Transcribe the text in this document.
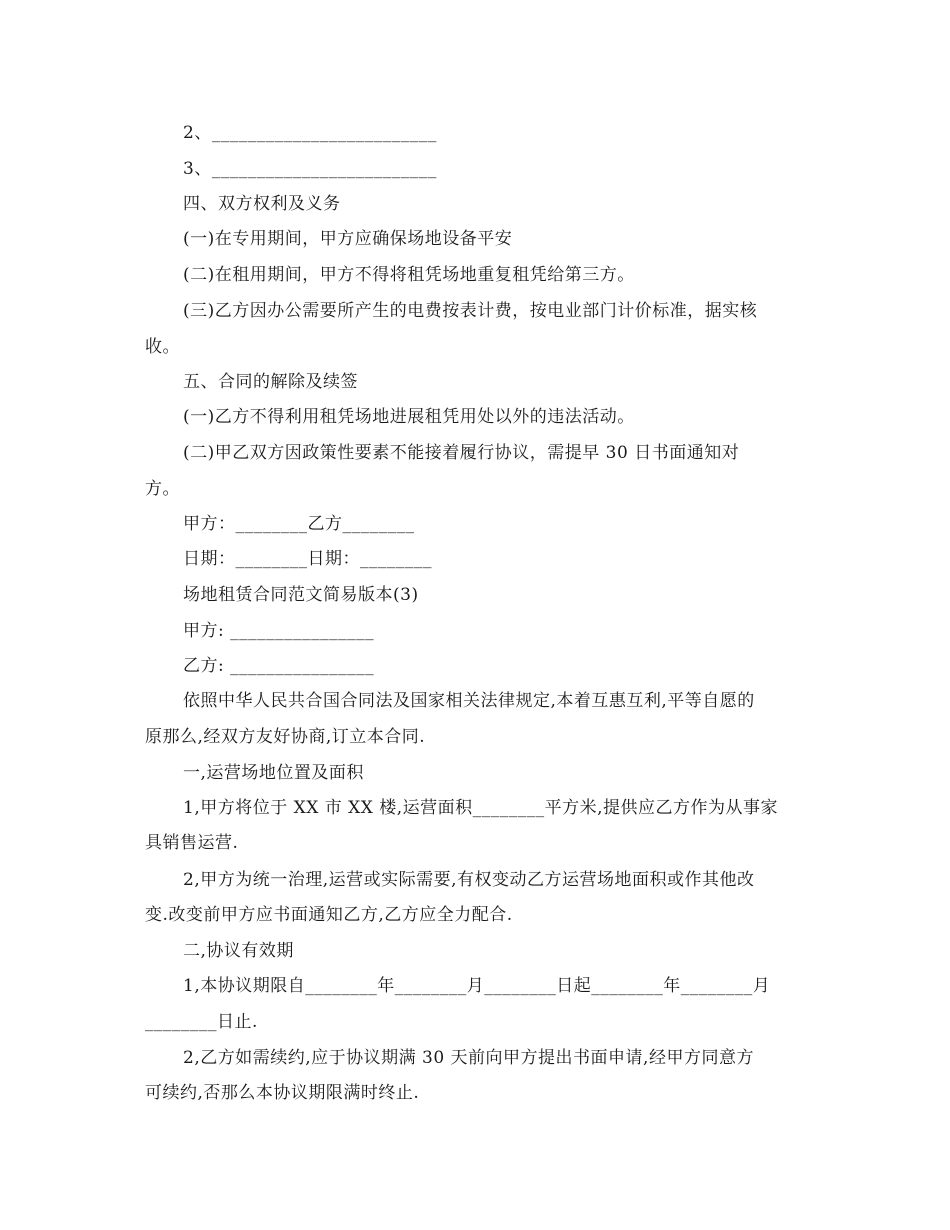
2、_________________________
3、_________________________
四、双方权利及义务
(一)在专用期间，甲方应确保场地设备平安
(二)在租用期间，甲方不得将租凭场地重复租凭给第三方。
(三)乙方因办公需要所产生的电费按表计费，按电业部门计价标准，据实核
收。
五、合同的解除及续签
(一)乙方不得利用租凭场地进展租凭用处以外的违法活动。
(二)甲乙双方因政策性要素不能接着履行协议，需提早 30 日书面通知对
方。
甲方：________乙方________
日期：________日期：________
场地租赁合同范文简易版本(3)
甲方: ________________
乙方: ________________
依照中华人民共合国合同法及国家相关法律规定,本着互惠互利,平等自愿的
原那么,经双方友好协商,订立本合同.
一,运营场地位置及面积
1,甲方将位于 XX 市 XX 楼,运营面积________平方米,提供应乙方作为从事家
具销售运营.
2,甲方为统一治理,运营或实际需要,有权变动乙方运营场地面积或作其他改
变.改变前甲方应书面通知乙方,乙方应全力配合.
二,协议有效期
1,本协议期限自________年________月________日起________年________月
________日止.
2,乙方如需续约,应于协议期满 30 天前向甲方提出书面申请,经甲方同意方
可续约,否那么本协议期限满时终止.
